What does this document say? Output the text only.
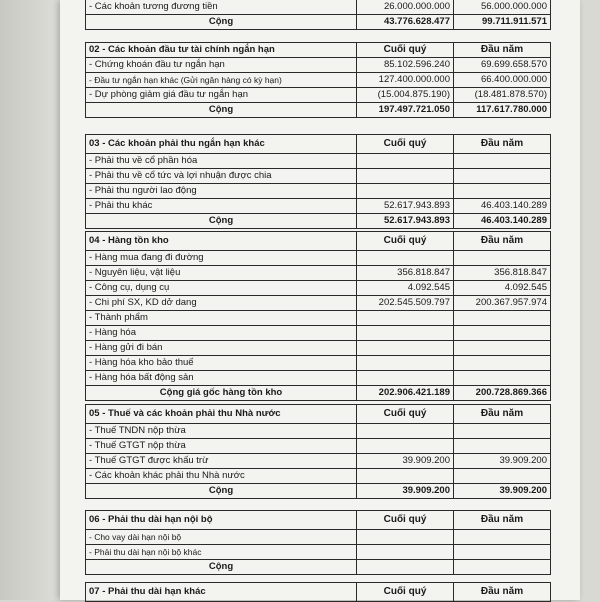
- Các khoản tương đương tiền	26.000.000.000	56.000.000.000
Cộng	43.776.628.477	99.711.911.571
02 - Các khoản đầu tư tài chính ngắn hạn	Cuối quý	Đầu năm
- Chứng khoán đầu tư ngắn hạn	85.102.596.240	69.699.658.570
- Đầu tư ngắn hạn khác (Gửi ngân hàng có kỳ hạn)	127.400.000.000	66.400.000.000
- Dự phòng giảm giá đầu tư ngắn hạn	(15.004.875.190)	(18.481.878.570)
Cộng	197.497.721.050	117.617.780.000
03 - Các khoản phải thu ngắn hạn khác	Cuối quý	Đầu năm
- Phải thu về cổ phần hóa		
- Phải thu về cổ tức và lợi nhuận được chia		
- Phải thu người lao động		
- Phải thu khác	52.617.943.893	46.403.140.289
Cộng	52.617.943.893	46.403.140.289
04 - Hàng tồn kho	Cuối quý	Đầu năm
- Hàng mua đang đi đường		
- Nguyên liệu, vật liệu	356.818.847	356.818.847
- Công cụ, dụng cụ	4.092.545	4.092.545
- Chi phí SX, KD dở dang	202.545.509.797	200.367.957.974
- Thành phẩm		
- Hàng hóa		
- Hàng gửi đi bán		
- Hàng hóa kho bảo thuế		
- Hàng hóa bất động sản		
Cộng giá gốc hàng tồn kho	202.906.421.189	200.728.869.366
05 - Thuế và các khoản phải thu Nhà nước	Cuối quý	Đầu năm
- Thuế TNDN nộp thừa		
- Thuế GTGT nộp thừa		
- Thuế GTGT được khấu trừ	39.909.200	39.909.200
- Các khoản khác phải thu Nhà nước		
Cộng	39.909.200	39.909.200
06 - Phải thu dài hạn nội bộ	Cuối quý	Đầu năm
- Cho vay dài hạn nội bộ		
- Phải thu dài hạn nội bộ khác		
Cộng		
07 - Phải thu dài hạn khác	Cuối quý	Đầu năm
